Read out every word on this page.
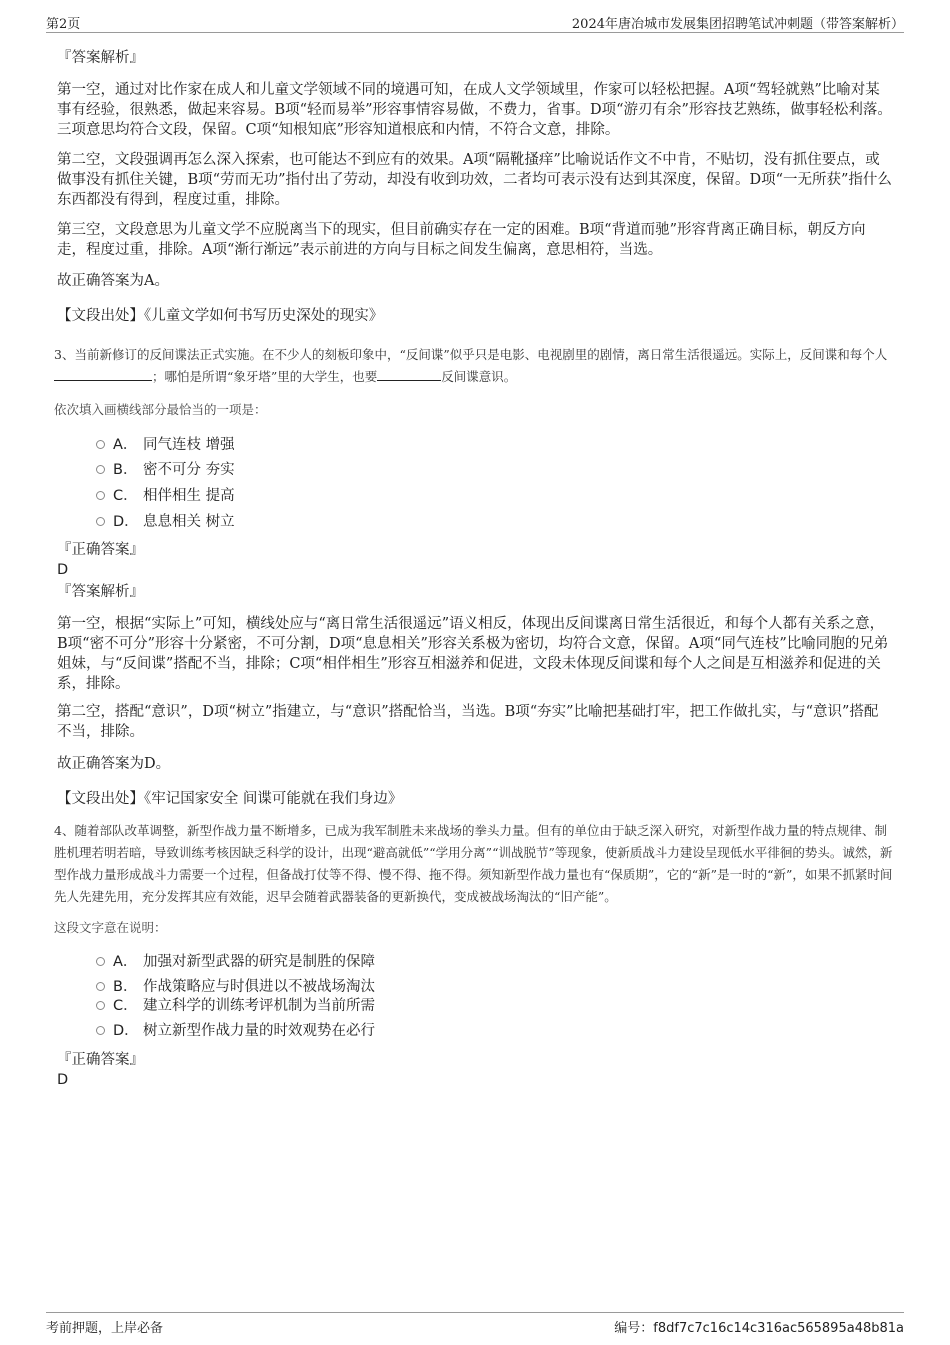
第2页	2024年唐冶城市发展集团招聘笔试冲刺题（带答案解析）

『答案解析』

第一空，通过对比作家在成人和儿童文学领域不同的境遇可知，在成人文学领域里，作家可以轻松把握。A项“驾轻就熟”比喻对某事有经验，很熟悉，做起来容易。B项“轻而易举”形容事情容易做，不费力，省事。D项“游刃有余”形容技艺熟练，做事轻松利落。三项意思均符合文段，保留。C项“知根知底”形容知道根底和内情，不符合文意，排除。

第二空，文段强调再怎么深入探索，也可能达不到应有的效果。A项“隔靴搔痒”比喻说话作文不中肯，不贴切，没有抓住要点，或做事没有抓住关键，B项“劳而无功”指付出了劳动，却没有收到功效，二者均可表示没有达到其深度，保留。D项“一无所获”指什么东西都没有得到，程度过重，排除。

第三空，文段意思为儿童文学不应脱离当下的现实，但目前确实存在一定的困难。B项“背道而驰”形容背离正确目标，朝反方向走，程度过重，排除。A项“渐行渐远”表示前进的方向与目标之间发生偏离，意思相符，当选。

故正确答案为A。

【文段出处】《儿童文学如何书写历史深处的现实》

3、当前新修订的反间谍法正式实施。在不少人的刻板印象中，“反间谍”似乎只是电影、电视剧里的剧情，离日常生活很遥远。实际上，反间谍和每个人；哪怕是所谓“象牙塔”里的大学生，也要	反间谍意识。

依次填入画横线部分最恰当的一项是：

A． 同气连枝 增强
B． 密不可分 夯实
C． 相伴相生 提高
D． 息息相关 树立

『正确答案』

D

『答案解析』

第一空，根据“实际上”可知，横线处应与“离日常生活很遥远”语义相反，体现出反间谍离日常生活很近，和每个人都有关系之意，B项“密不可分”形容十分紧密，不可分割，D项“息息相关”形容关系极为密切，均符合文意，保留。A项“同气连枝”比喻同胞的兄弟姐妹，与“反间谍”搭配不当，排除；C项“相伴相生”形容互相滋养和促进，文段未体现反间谍和每个人之间是互相滋养和促进的关系，排除。

第二空，搭配“意识”，D项“树立”指建立，与“意识”搭配恰当，当选。B项“夯实”比喻把基础打牢，把工作做扎实，与“意识”搭配不当，排除。

故正确答案为D。

【文段出处】《牢记国家安全 间谍可能就在我们身边》

4、随着部队改革调整，新型作战力量不断增多，已成为我军制胜未来战场的拳头力量。但有的单位由于缺乏深入研究，对新型作战力量的特点规律、制胜机理若明若暗，导致训练考核因缺乏科学的设计，出现“避高就低”“学用分离”“训战脱节”等现象，使新质战斗力建设呈现低水平徘徊的势头。诚然，新型作战力量形成战斗力需要一个过程，但备战打仗等不得、慢不得、拖不得。须知新型作战力量也有“保质期”，它的“新”是一时的“新”，如果不抓紧时间先人先建先用，充分发挥其应有效能，迟早会随着武器装备的更新换代，变成被战场淘汰的“旧产能”。

这段文字意在说明：

A． 加强对新型武器的研究是制胜的保障
B． 作战策略应与时俱进以不被战场淘汰
C． 建立科学的训练考评机制为当前所需
D． 树立新型作战力量的时效观势在必行

『正确答案』

D

考前押题，上岸必备	编号：f8df7c7c16c14c316ac565895a48b81a
